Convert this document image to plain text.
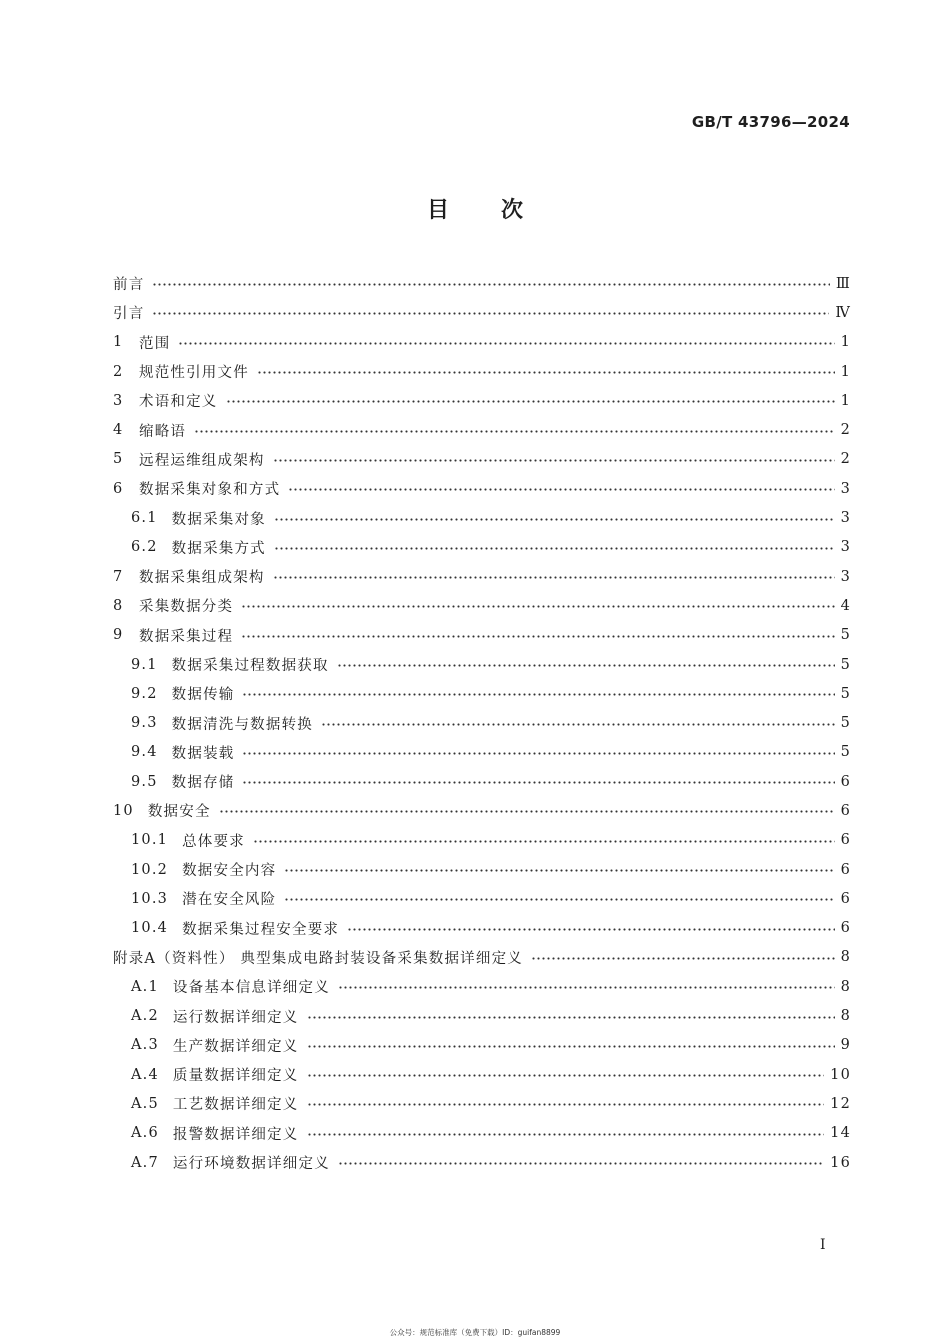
GB/T 43796—2024
目次
前言	Ⅲ
引言	Ⅳ
1 范围	1
2 规范性引用文件	1
3 术语和定义	1
4 缩略语	2
5 远程运维组成架构	2
6 数据采集对象和方式	3
6.1 数据采集对象	3
6.2 数据采集方式	3
7 数据采集组成架构	3
8 采集数据分类	4
9 数据采集过程	5
9.1 数据采集过程数据获取	5
9.2 数据传输	5
9.3 数据清洗与数据转换	5
9.4 数据装载	5
9.5 数据存储	6
10 数据安全	6
10.1 总体要求	6
10.2 数据安全内容	6
10.3 潜在安全风险	6
10.4 数据采集过程安全要求	6
附录A（资料性） 典型集成电路封装设备采集数据详细定义	8
A.1 设备基本信息详细定义	8
A.2 运行数据详细定义	8
A.3 生产数据详细定义	9
A.4 质量数据详细定义	10
A.5 工艺数据详细定义	12
A.6 报警数据详细定义	14
A.7 运行环境数据详细定义	16
Ⅰ
公众号：规范标准库（免费下载）ID：guifan8899
